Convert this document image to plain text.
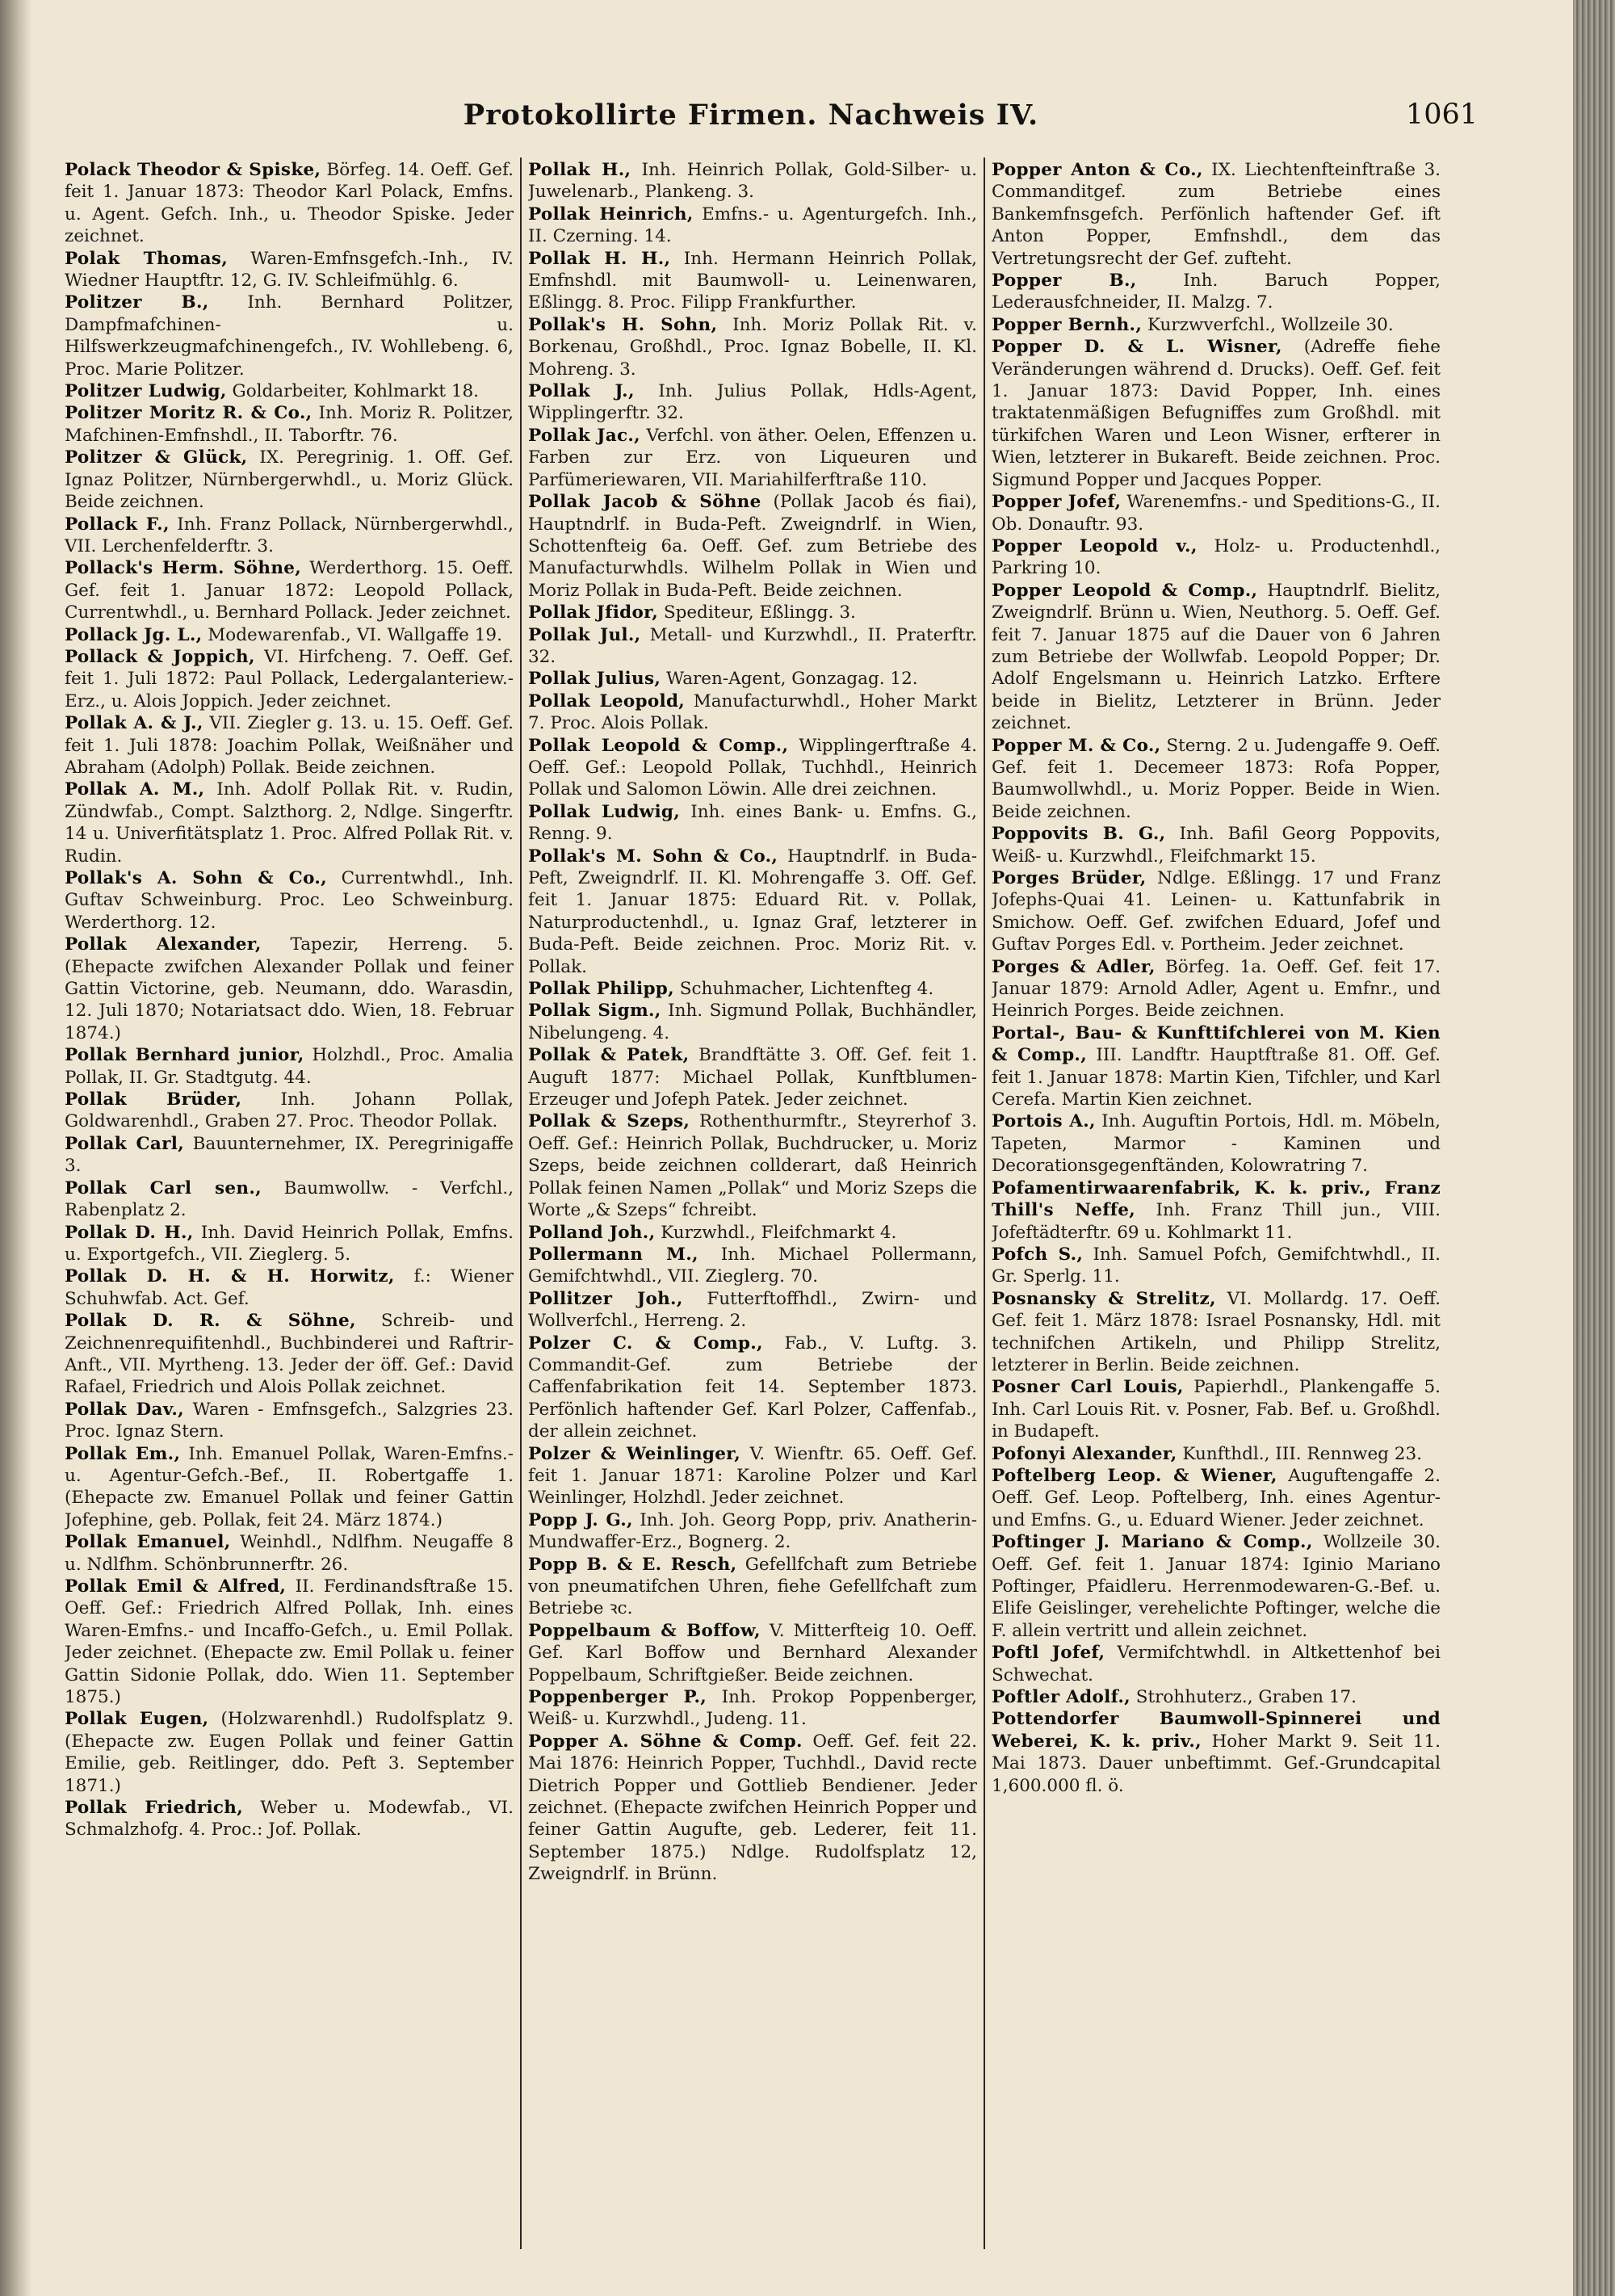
Protokollirte Firmen. Nachweis IV.	1061

Polack Theodor & Spiske, Börfeg. 14. Oeff. Gef. feit 1. Januar 1873: Theodor Karl Polack, Emfns. u. Agent. Gefch. Inh., u. Theodor Spiske. Jeder zeichnet.

Polak Thomas, Waren-Emfnsgefch.-Inh., IV. Wiedner Hauptftr. 12, G. IV. Schleifmühlg. 6.

Politzer B., Inh. Bernhard Politzer, Dampfmafchinen- u. Hilfswerkzeugmafchinengefch., IV. Wohllebeng. 6, Proc. Marie Politzer.

Politzer Ludwig, Goldarbeiter, Kohlmarkt 18.

Politzer Moritz R. & Co., Inh. Moriz R. Politzer, Mafchinen-Emfnshdl., II. Taborftr. 76.

Politzer & Glück, IX. Peregrinig. 1. Off. Gef. Ignaz Politzer, Nürnbergerwhdl., u. Moriz Glück. Beide zeichnen.

Pollack F., Inh. Franz Pollack, Nürnbergerwhdl., VII. Lerchenfelderftr. 3.

Pollack's Herm. Söhne, Werderthorg. 15. Oeff. Gef. feit 1. Januar 1872: Leopold Pollack, Currentwhdl., u. Bernhard Pollack. Jeder zeichnet.

Pollack Jg. L., Modewarenfab., VI. Wallgaffe 19.

Pollack & Joppich, VI. Hirfcheng. 7. Oeff. Gef. feit 1. Juli 1872: Paul Pollack, Ledergalanteriew.-Erz., u. Alois Joppich. Jeder zeichnet.

Pollak A. & J., VII. Ziegler g. 13. u. 15. Oeff. Gef. feit 1. Juli 1878: Joachim Pollak, Weißnäher und Abraham (Adolph) Pollak. Beide zeichnen.

Pollak A. M., Inh. Adolf Pollak Rit. v. Rudin, Zündwfab., Compt. Salzthorg. 2, Ndlge. Singerftr. 14 u. Univerfitätsplatz 1. Proc. Alfred Pollak Rit. v. Rudin.

Pollak's A. Sohn & Co., Currentwhdl., Inh. Guftav Schweinburg. Proc. Leo Schweinburg. Werderthorg. 12.

Pollak Alexander, Tapezir, Herreng. 5. (Ehepacte zwifchen Alexander Pollak und feiner Gattin Victorine, geb. Neumann, ddo. Warasdin, 12. Juli 1870; Notariatsact ddo. Wien, 18. Februar 1874.)

Pollak Bernhard junior, Holzhdl., Proc. Amalia Pollak, II. Gr. Stadtgutg. 44.

Pollak Brüder, Inh. Johann Pollak, Goldwarenhdl., Graben 27. Proc. Theodor Pollak.

Pollak Carl, Bauunternehmer, IX. Peregrinigaffe 3.

Pollak Carl sen., Baumwollw. - Verfchl., Rabenplatz 2.

Pollak D. H., Inh. David Heinrich Pollak, Emfns. u. Exportgefch., VII. Zieglerg. 5.

Pollak D. H. & H. Horwitz, f.: Wiener Schuhwfab. Act. Gef.

Pollak D. R. & Söhne, Schreib- und Zeichnenrequifitenhdl., Buchbinderei und Raftrir-Anft., VII. Myrtheng. 13. Jeder der öff. Gef.: David Rafael, Friedrich und Alois Pollak zeichnet.

Pollak Dav., Waren - Emfnsgefch., Salzgries 23. Proc. Ignaz Stern.

Pollak Em., Inh. Emanuel Pollak, Waren-Emfns.- u. Agentur-Gefch.-Bef., II. Robertgaffe 1. (Ehepacte zw. Emanuel Pollak und feiner Gattin Jofephine, geb. Pollak, feit 24. März 1874.)

Pollak Emanuel, Weinhdl., Ndlfhm. Neugaffe 8 u. Ndlfhm. Schönbrunnerftr. 26.

Pollak Emil & Alfred, II. Ferdinandsftraße 15. Oeff. Gef.: Friedrich Alfred Pollak, Inh. eines Waren-Emfns.- und Incaffo-Gefch., u. Emil Pollak. Jeder zeichnet. (Ehepacte zw. Emil Pollak u. feiner Gattin Sidonie Pollak, ddo. Wien 11. September 1875.)

Pollak Eugen, (Holzwarenhdl.) Rudolfsplatz 9. (Ehepacte zw. Eugen Pollak und feiner Gattin Emilie, geb. Reitlinger, ddo. Peft 3. September 1871.)

Pollak Friedrich, Weber u. Modewfab., VI. Schmalzhofg. 4. Proc.: Jof. Pollak.

Pollak H., Inh. Heinrich Pollak, Gold-Silber- u. Juwelenarb., Plankeng. 3.

Pollak Heinrich, Emfns.- u. Agenturgefch. Inh., II. Czerning. 14.

Pollak H. H., Inh. Hermann Heinrich Pollak, Emfnshdl. mit Baumwoll- u. Leinenwaren, Eßlingg. 8. Proc. Filipp Frankfurther.

Pollak's H. Sohn, Inh. Moriz Pollak Rit. v. Borkenau, Großhdl., Proc. Ignaz Bobelle, II. Kl. Mohreng. 3.

Pollak J., Inh. Julius Pollak, Hdls-Agent, Wipplingerftr. 32.

Pollak Jac., Verfchl. von äther. Oelen, Effenzen u. Farben zur Erz. von Liqueuren und Parfümeriewaren, VII. Mariahilferftraße 110.

Pollak Jacob & Söhne (Pollak Jacob és fiai), Hauptndrlf. in Buda-Peft. Zweigndrlf. in Wien, Schottenfteig 6a. Oeff. Gef. zum Betriebe des Manufacturwhdls. Wilhelm Pollak in Wien und Moriz Pollak in Buda-Peft. Beide zeichnen.

Pollak Jfidor, Spediteur, Eßlingg. 3.

Pollak Jul., Metall- und Kurzwhdl., II. Praterftr. 32.

Pollak Julius, Waren-Agent, Gonzagag. 12.

Pollak Leopold, Manufacturwhdl., Hoher Markt 7. Proc. Alois Pollak.

Pollak Leopold & Comp., Wipplingerftraße 4. Oeff. Gef.: Leopold Pollak, Tuchhdl., Heinrich Pollak und Salomon Löwin. Alle drei zeichnen.

Pollak Ludwig, Inh. eines Bank- u. Emfns. G., Renng. 9.

Pollak's M. Sohn & Co., Hauptndrlf. in Buda-Peft, Zweigndrlf. II. Kl. Mohrengaffe 3. Off. Gef. feit 1. Januar 1875: Eduard Rit. v. Pollak, Naturproductenhdl., u. Ignaz Graf, letzterer in Buda-Peft. Beide zeichnen. Proc. Moriz Rit. v. Pollak.

Pollak Philipp, Schuhmacher, Lichtenfteg 4.

Pollak Sigm., Inh. Sigmund Pollak, Buchhändler, Nibelungeng. 4.

Pollak & Patek, Brandftätte 3. Off. Gef. feit 1. Auguft 1877: Michael Pollak, Kunftblumen-Erzeuger und Jofeph Patek. Jeder zeichnet.

Pollak & Szeps, Rothenthurmftr., Steyrerhof 3. Oeff. Gef.: Heinrich Pollak, Buchdrucker, u. Moriz Szeps, beide zeichnen collderart, daß Heinrich Pollak feinen Namen „Pollak“ und Moriz Szeps die Worte „& Szeps“ fchreibt.

Polland Joh., Kurzwhdl., Fleifchmarkt 4.

Pollermann M., Inh. Michael Pollermann, Gemifchtwhdl., VII. Zieglerg. 70.

Pollitzer Joh., Futterftoffhdl., Zwirn- und Wollverfchl., Herreng. 2.

Polzer C. & Comp., Fab., V. Luftg. 3. Commandit-Gef. zum Betriebe der Caffenfabrikation feit 14. September 1873. Perfönlich haftender Gef. Karl Polzer, Caffenfab., der allein zeichnet.

Polzer & Weinlinger, V. Wienftr. 65. Oeff. Gef. feit 1. Januar 1871: Karoline Polzer und Karl Weinlinger, Holzhdl. Jeder zeichnet.

Popp J. G., Inh. Joh. Georg Popp, priv. Anatherin-Mundwaffer-Erz., Bognerg. 2.

Popp B. & E. Resch, Gefellfchaft zum Betriebe von pneumatifchen Uhren, fiehe Gefellfchaft zum Betriebe ꝛc.

Poppelbaum & Boffow, V. Mitterfteig 10. Oeff. Gef. Karl Boffow und Bernhard Alexander Poppelbaum, Schriftgießer. Beide zeichnen.

Poppenberger P., Inh. Prokop Poppenberger, Weiß- u. Kurzwhdl., Judeng. 11.

Popper A. Söhne & Comp. Oeff. Gef. feit 22. Mai 1876: Heinrich Popper, Tuchhdl., David recte Dietrich Popper und Gottlieb Bendiener. Jeder zeichnet. (Ehepacte zwifchen Heinrich Popper und feiner Gattin Augufte, geb. Lederer, feit 11. September 1875.) Ndlge. Rudolfsplatz 12, Zweigndrlf. in Brünn.

Popper Anton & Co., IX. Liechtenfteinftraße 3. Commanditgef. zum Betriebe eines Bankemfnsgefch. Perfönlich haftender Gef. ift Anton Popper, Emfnshdl., dem das Vertretungsrecht der Gef. zufteht.

Popper B., Inh. Baruch Popper, Lederausfchneider, II. Malzg. 7.

Popper Bernh., Kurzwverfchl., Wollzeile 30.

Popper D. & L. Wisner, (Adreffe fiehe Veränderungen während d. Drucks). Oeff. Gef. feit 1. Januar 1873: David Popper, Inh. eines traktatenmäßigen Befugniffes zum Großhdl. mit türkifchen Waren und Leon Wisner, erfterer in Wien, letzterer in Bukareft. Beide zeichnen. Proc. Sigmund Popper und Jacques Popper.

Popper Jofef, Warenemfns.- und Speditions-G., II. Ob. Donauftr. 93.

Popper Leopold v., Holz- u. Productenhdl., Parkring 10.

Popper Leopold & Comp., Hauptndrlf. Bielitz, Zweigndrlf. Brünn u. Wien, Neuthorg. 5. Oeff. Gef. feit 7. Januar 1875 auf die Dauer von 6 Jahren zum Betriebe der Wollwfab. Leopold Popper; Dr. Adolf Engelsmann u. Heinrich Latzko. Erftere beide in Bielitz, Letzterer in Brünn. Jeder zeichnet.

Popper M. & Co., Sterng. 2 u. Judengaffe 9. Oeff. Gef. feit 1. Decemeer 1873: Rofa Popper, Baumwollwhdl., u. Moriz Popper. Beide in Wien. Beide zeichnen.

Poppovits B. G., Inh. Bafil Georg Poppovits, Weiß- u. Kurzwhdl., Fleifchmarkt 15.

Porges Brüder, Ndlge. Eßlingg. 17 und Franz Jofephs-Quai 41. Leinen- u. Kattunfabrik in Smichow. Oeff. Gef. zwifchen Eduard, Jofef und Guftav Porges Edl. v. Portheim. Jeder zeichnet.

Porges & Adler, Börfeg. 1a. Oeff. Gef. feit 17. Januar 1879: Arnold Adler, Agent u. Emfnr., und Heinrich Porges. Beide zeichnen.

Portal-, Bau- & Kunfttifchlerei von M. Kien & Comp., III. Landftr. Hauptftraße 81. Off. Gef. feit 1. Januar 1878: Martin Kien, Tifchler, und Karl Cerefa. Martin Kien zeichnet.

Portois A., Inh. Auguftin Portois, Hdl. m. Möbeln, Tapeten, Marmor - Kaminen und Decorationsgegenftänden, Kolowratring 7.

Pofamentirwaarenfabrik, K. k. priv., Franz Thill's Neffe, Inh. Franz Thill jun., VIII. Jofeftädterftr. 69 u. Kohlmarkt 11.

Pofch S., Inh. Samuel Pofch, Gemifchtwhdl., II. Gr. Sperlg. 11.

Posnansky & Strelitz, VI. Mollardg. 17. Oeff. Gef. feit 1. März 1878: Israel Posnansky, Hdl. mit technifchen Artikeln, und Philipp Strelitz, letzterer in Berlin. Beide zeichnen.

Posner Carl Louis, Papierhdl., Plankengaffe 5. Inh. Carl Louis Rit. v. Posner, Fab. Bef. u. Großhdl. in Budapeft.

Pofonyi Alexander, Kunfthdl., III. Rennweg 23.

Poftelberg Leop. & Wiener, Auguftengaffe 2. Oeff. Gef. Leop. Poftelberg, Inh. eines Agentur- und Emfns. G., u. Eduard Wiener. Jeder zeichnet.

Poftinger J. Mariano & Comp., Wollzeile 30. Oeff. Gef. feit 1. Januar 1874: Iginio Mariano Poftinger, Pfaidleru. Herrenmodewaren-G.-Bef. u. Elife Geislinger, verehelichte Poftinger, welche die F. allein vertritt und allein zeichnet.

Poftl Jofef, Vermifchtwhdl. in Altkettenhof bei Schwechat.

Poftler Adolf., Strohhuterz., Graben 17.

Pottendorfer Baumwoll-Spinnerei und Weberei, K. k. priv., Hoher Markt 9. Seit 11. Mai 1873. Dauer unbeftimmt. Gef.-Grundcapital 1,600.000 fl. ö.
